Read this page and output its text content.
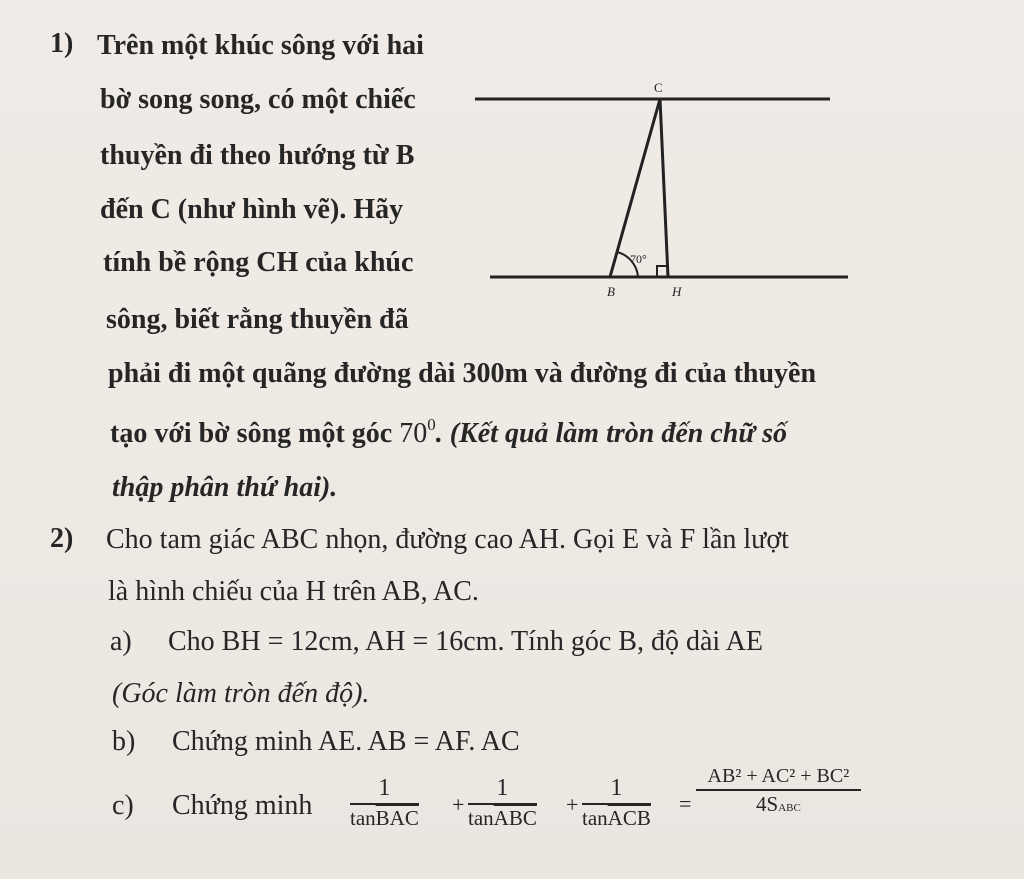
1) Trên một khúc sông với hai
bờ song song, có một chiếc
thuyền đi theo hướng từ B
đến C (như hình vẽ). Hãy
tính bề rộng CH của khúc
sông, biết rằng thuyền đã
phải đi một quãng đường dài 300m và đường đi của thuyền
tạo với bờ sông một góc $70^0$. (Kết quả làm tròn đến chữ số
thập phân thứ hai).
C
B	H
70°
2) Cho tam giác ABC nhọn, đường cao AH. Gọi E và F lần lượt
là hình chiếu của H trên AB, AC.
a) Cho BH = 12cm, AH = 16cm. Tính góc B, độ dài AE
(Góc làm tròn đến độ).
b) Chứng minh AE. AB = AF. AC
c) Chứng minh
1
$\tan\overline{BAC}$
+
1
$\tan\overline{ABC}$
+
1
$\tan\overline{ACB}$
=
AB² + AC² + BC²
4SABC
